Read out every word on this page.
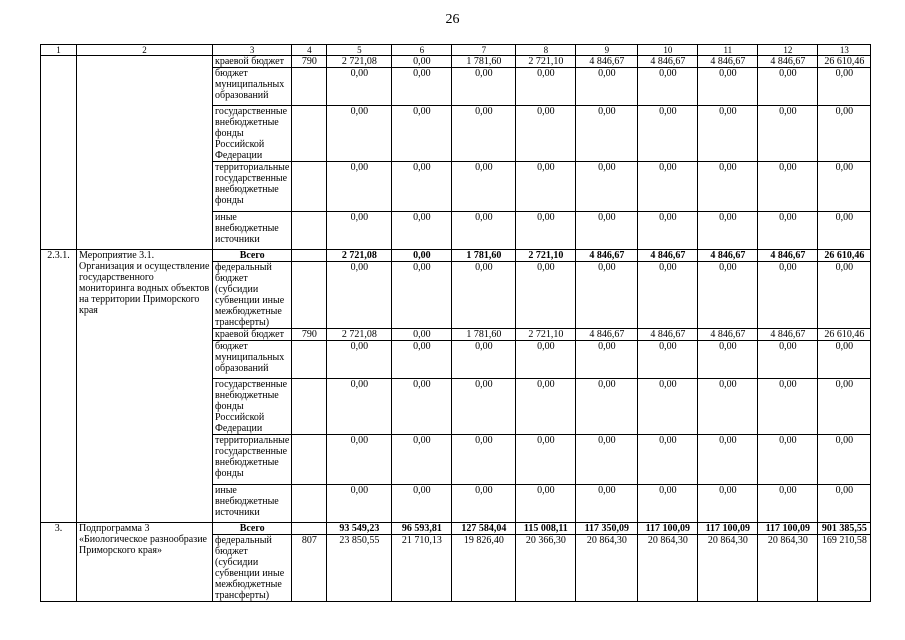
26
1	2	3	4	5	6	7	8	9	10	11	12	13
		краевой бюджет	790	2 721,08	0,00	1 781,60	2 721,10	4 846,67	4 846,67	4 846,67	4 846,67	26 610,46
		бюджет муниципальных образований		0,00	0,00	0,00	0,00	0,00	0,00	0,00	0,00	0,00
		государственные внебюджетные фонды Российской Федерации		0,00	0,00	0,00	0,00	0,00	0,00	0,00	0,00	0,00
		территориальные государственные внебюджетные фонды		0,00	0,00	0,00	0,00	0,00	0,00	0,00	0,00	0,00
		иные внебюджетные источники		0,00	0,00	0,00	0,00	0,00	0,00	0,00	0,00	0,00
2.3.1.	Мероприятие 3.1. Организация и осуществление государственного мониторинга водных объектов на территории Приморского края	Всего		2 721,08	0,00	1 781,60	2 721,10	4 846,67	4 846,67	4 846,67	4 846,67	26 610,46
		федеральный бюджет (субсидии субвенции иные межбюджетные трансферты)		0,00	0,00	0,00	0,00	0,00	0,00	0,00	0,00	0,00
		краевой бюджет	790	2 721,08	0,00	1 781,60	2 721,10	4 846,67	4 846,67	4 846,67	4 846,67	26 610,46
		бюджет муниципальных образований		0,00	0,00	0,00	0,00	0,00	0,00	0,00	0,00	0,00
		государственные внебюджетные фонды Российской Федерации		0,00	0,00	0,00	0,00	0,00	0,00	0,00	0,00	0,00
		территориальные государственные внебюджетные фонды		0,00	0,00	0,00	0,00	0,00	0,00	0,00	0,00	0,00
		иные внебюджетные источники		0,00	0,00	0,00	0,00	0,00	0,00	0,00	0,00	0,00
3.	Подпрограмма 3 «Биологическое разнообразие Приморского края»	Всего		93 549,23	96 593,81	127 584,04	115 008,11	117 350,09	117 100,09	117 100,09	117 100,09	901 385,55
		федеральный бюджет (субсидии субвенции иные межбюджетные трансферты)	807	23 850,55	21 710,13	19 826,40	20 366,30	20 864,30	20 864,30	20 864,30	20 864,30	169 210,58
